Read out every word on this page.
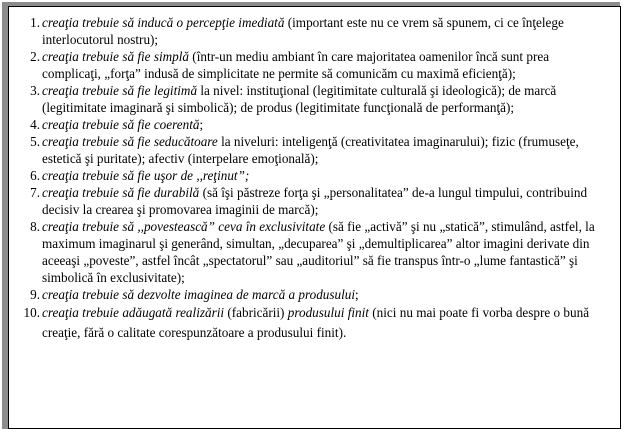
1. creaţia trebuie să inducă o percepţie imediată (important este nu ce vrem să spunem, ci ce înţelege interlocutorul nostru);
2. creaţia trebuie să fie simplă (într-un mediu ambiant în care majoritatea oamenilor încă sunt prea complicaţi, „forţa” indusă de simplicitate ne permite să comunicăm cu maximă eficienţă);
3. creaţia trebuie să fie legitimă la nivel: instituţional (legitimitate culturală şi ideologică); de marcă (legitimitate imaginară şi simbolică); de produs (legitimitate funcţională de performanţă);
4. creaţia trebuie să fie coerentă;
5. creaţia trebuie să fie seducătoare la niveluri: inteligenţă (creativitatea imaginarului); fizic (frumuseţe, estetică şi puritate); afectiv (interpelare emoţională);
6. creaţia trebuie să fie uşor de ,,reţinut”;
7. creaţia trebuie să fie durabilă (să îşi păstreze forţa şi „personalitatea” de-a lungul timpului, contribuind decisiv la crearea şi promovarea imaginii de marcă);
8. creaţia trebuie să ,,povestească” ceva în exclusivitate (să fie „activă” şi nu „statică”, stimulând, astfel, la maximum imaginarul şi generând, simultan, „decuparea” şi „demultiplicarea” altor imagini derivate din aceeaşi „poveste”, astfel încât „spectatorul” sau „auditoriul” să fie transpus într-o „lume fantastică” şi simbolică în exclusivitate);
9. creaţia trebuie să dezvolte imaginea de marcă a produsului;
10. creaţia trebuie adăugată realizării (fabricării) produsului finit (nici nu mai poate fi vorba despre o bună creaţie, fără o calitate corespunzătoare a produsului finit).
